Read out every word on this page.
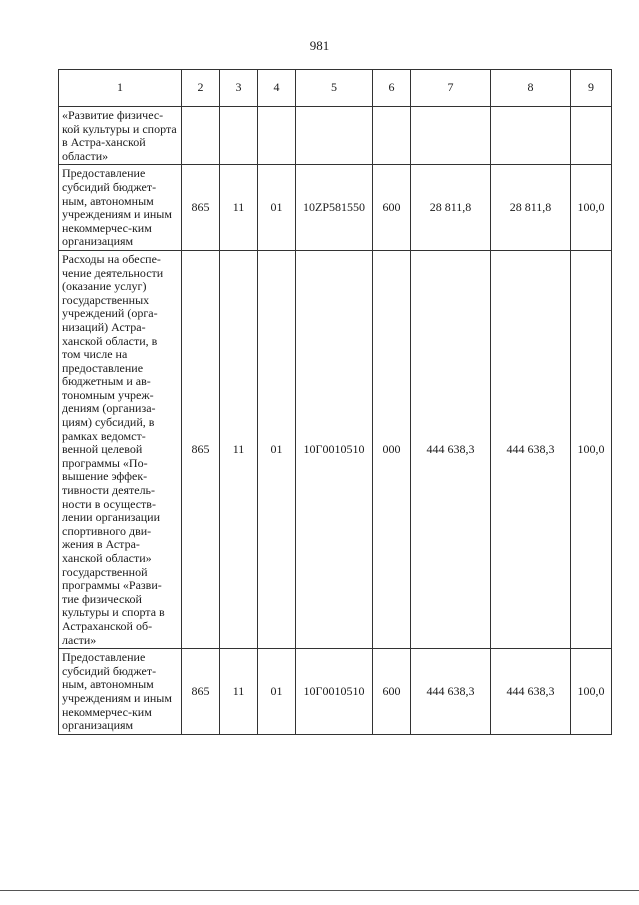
981
1	2	3	4	5	6	7	8	9
«Развитие физичес-кой культуры и спорта в Астра-ханской области»								
Предоставление субсидий бюджет-ным, автономным учреждениям и иным некоммерчес-ким организациям	865	11	01	10ZP581550	600	28 811,8	28 811,8	100,0
Расходы на обеспе-чение деятельности (оказание услуг) государственных учреждений (орга-низаций) Астра-ханской области, в том числе на предоставление бюджетным и ав-тономным учреж-дениям (организа-циям) субсидий, в рамках ведомст-венной целевой программы «По-вышение эффек-тивности деятель-ности в осуществ-лении организации спортивного дви-жения в Астра-ханской области» государственной программы «Разви-тие физической культуры и спорта в Астраханской об-ласти»	865	11	01	10Г0010510	000	444 638,3	444 638,3	100,0
Предоставление субсидий бюджет-ным, автономным учреждениям и иным некоммерчес-ким организациям	865	11	01	10Г0010510	600	444 638,3	444 638,3	100,0
